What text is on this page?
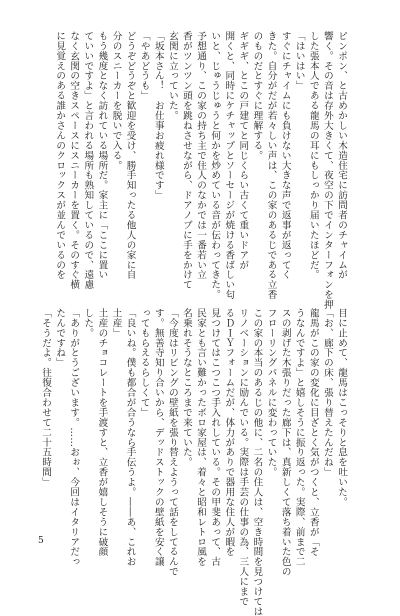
ピンポン、と古めかしい木造住宅に訪問者のチャイムが
響く。その音は存外大きくて、夜空の下でインターフォンを押
した張本人である龍馬の耳にもしっかり届いたほどだ。
「はいはい」
すぐにチャイムにも負けない大きな声で返事が返ってく
きた。自分がだが若々しい声は、この家のあるじである立香
のものだとすぐに理解する。
ギギギ、とこの戸建てと同じくらい古くて重いドアが
開くと、同時にケチャップとソーセージが焼ける香ばしい匂
いと、じゅうじゅうと何かを炒めている音が伝わってきた。
予想通り、この家の持ち主で住人のなかでは一番若い立
香がツンツン頭を跳ねさせながら、ドアノブに手をかけて
玄関に立っていた。
「坂本さん！　お仕事お疲れ様です」
「やあどうも」
どうぞどうぞと歓迎を受け、勝手知ったる他人の家に自
分のスニーカーを脱いで入る。
もう幾度となく訪れている場所だ。家主に「ここに置い
ていいですよ」と言われる場所も熟知しているので、遠慮
なく玄関の空きスペースにスニーカーを置く。そのすぐ横
に見覚えのある誰かさんのクロックスが並んでいるのを
目に止めて、龍馬はこっそりと息を吐いた。
「お、廊下の床、張り替えたんだね」
龍馬がこの家の変化に目ざとく気がつくと、立香が「そ
うなんですよ」と嬉しそうに振り返った。実際、前まで二
スの剥げた木張りだった廊下は、真新しくて落ち着いた色の
フローリングパネルに変わっていた。
この家の本当のあるじの他に、二名の住人は、空き時間を見つけては
リノベーションに励んでいる。実際は手芸の仕事の為、三人にまで
るＤＩＹフォームだが、体力がありで器用な住人が暇を
見つけてはこつこつ手入れしている。その甲斐あって、古
民家とも言い難かったボロ家屋は、着々と昭和レトロ風を
名乗れそうなところまで来ていた。
「今度はリビングの壁紙を張り替えようって話をしてるんで
す。無善寺知り合いから、デッドストックの壁紙を安く譲
ってもらえるらしくて」
「良いね。僕も都合が合うなら手伝うよ。――あ、これお
土産」
土産のチョコレートを手渡すと、立香が嬉しそうに破顔
した。
「ありがとうございます。……おぉ、今回はイタリアだっ
たんですね」
「そうだよ。往復合わせて二十五時間」
5
